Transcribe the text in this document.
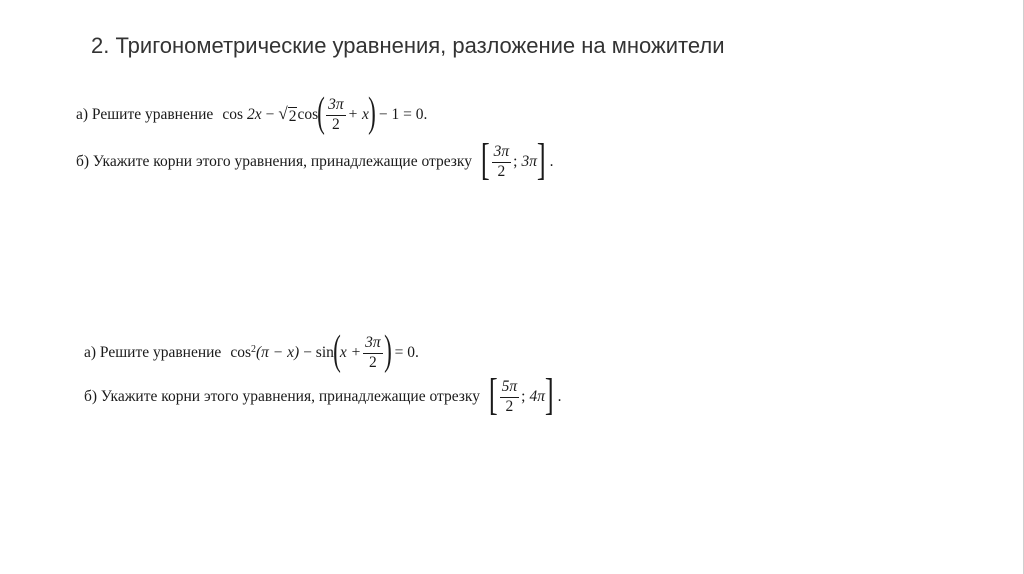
2. Тригонометрические уравнения, разложение на множители
а) Решите уравнение cos 2x − √ 2 cos ( $\frac{3\pi}{2} + x$ ) − 1 = 0.
б) Укажите корни этого уравнения, принадлежащие отрезку [ $\frac{3\pi}{2}$ ; 3π ] .
а) Решите уравнение $\cos^2 (\pi - x) - \sin$ ( $x + \frac{3\pi}{2}$ ) = 0.
б) Укажите корни этого уравнения, принадлежащие отрезку [ $\frac{5\pi}{2}$ ; 4π ] .
